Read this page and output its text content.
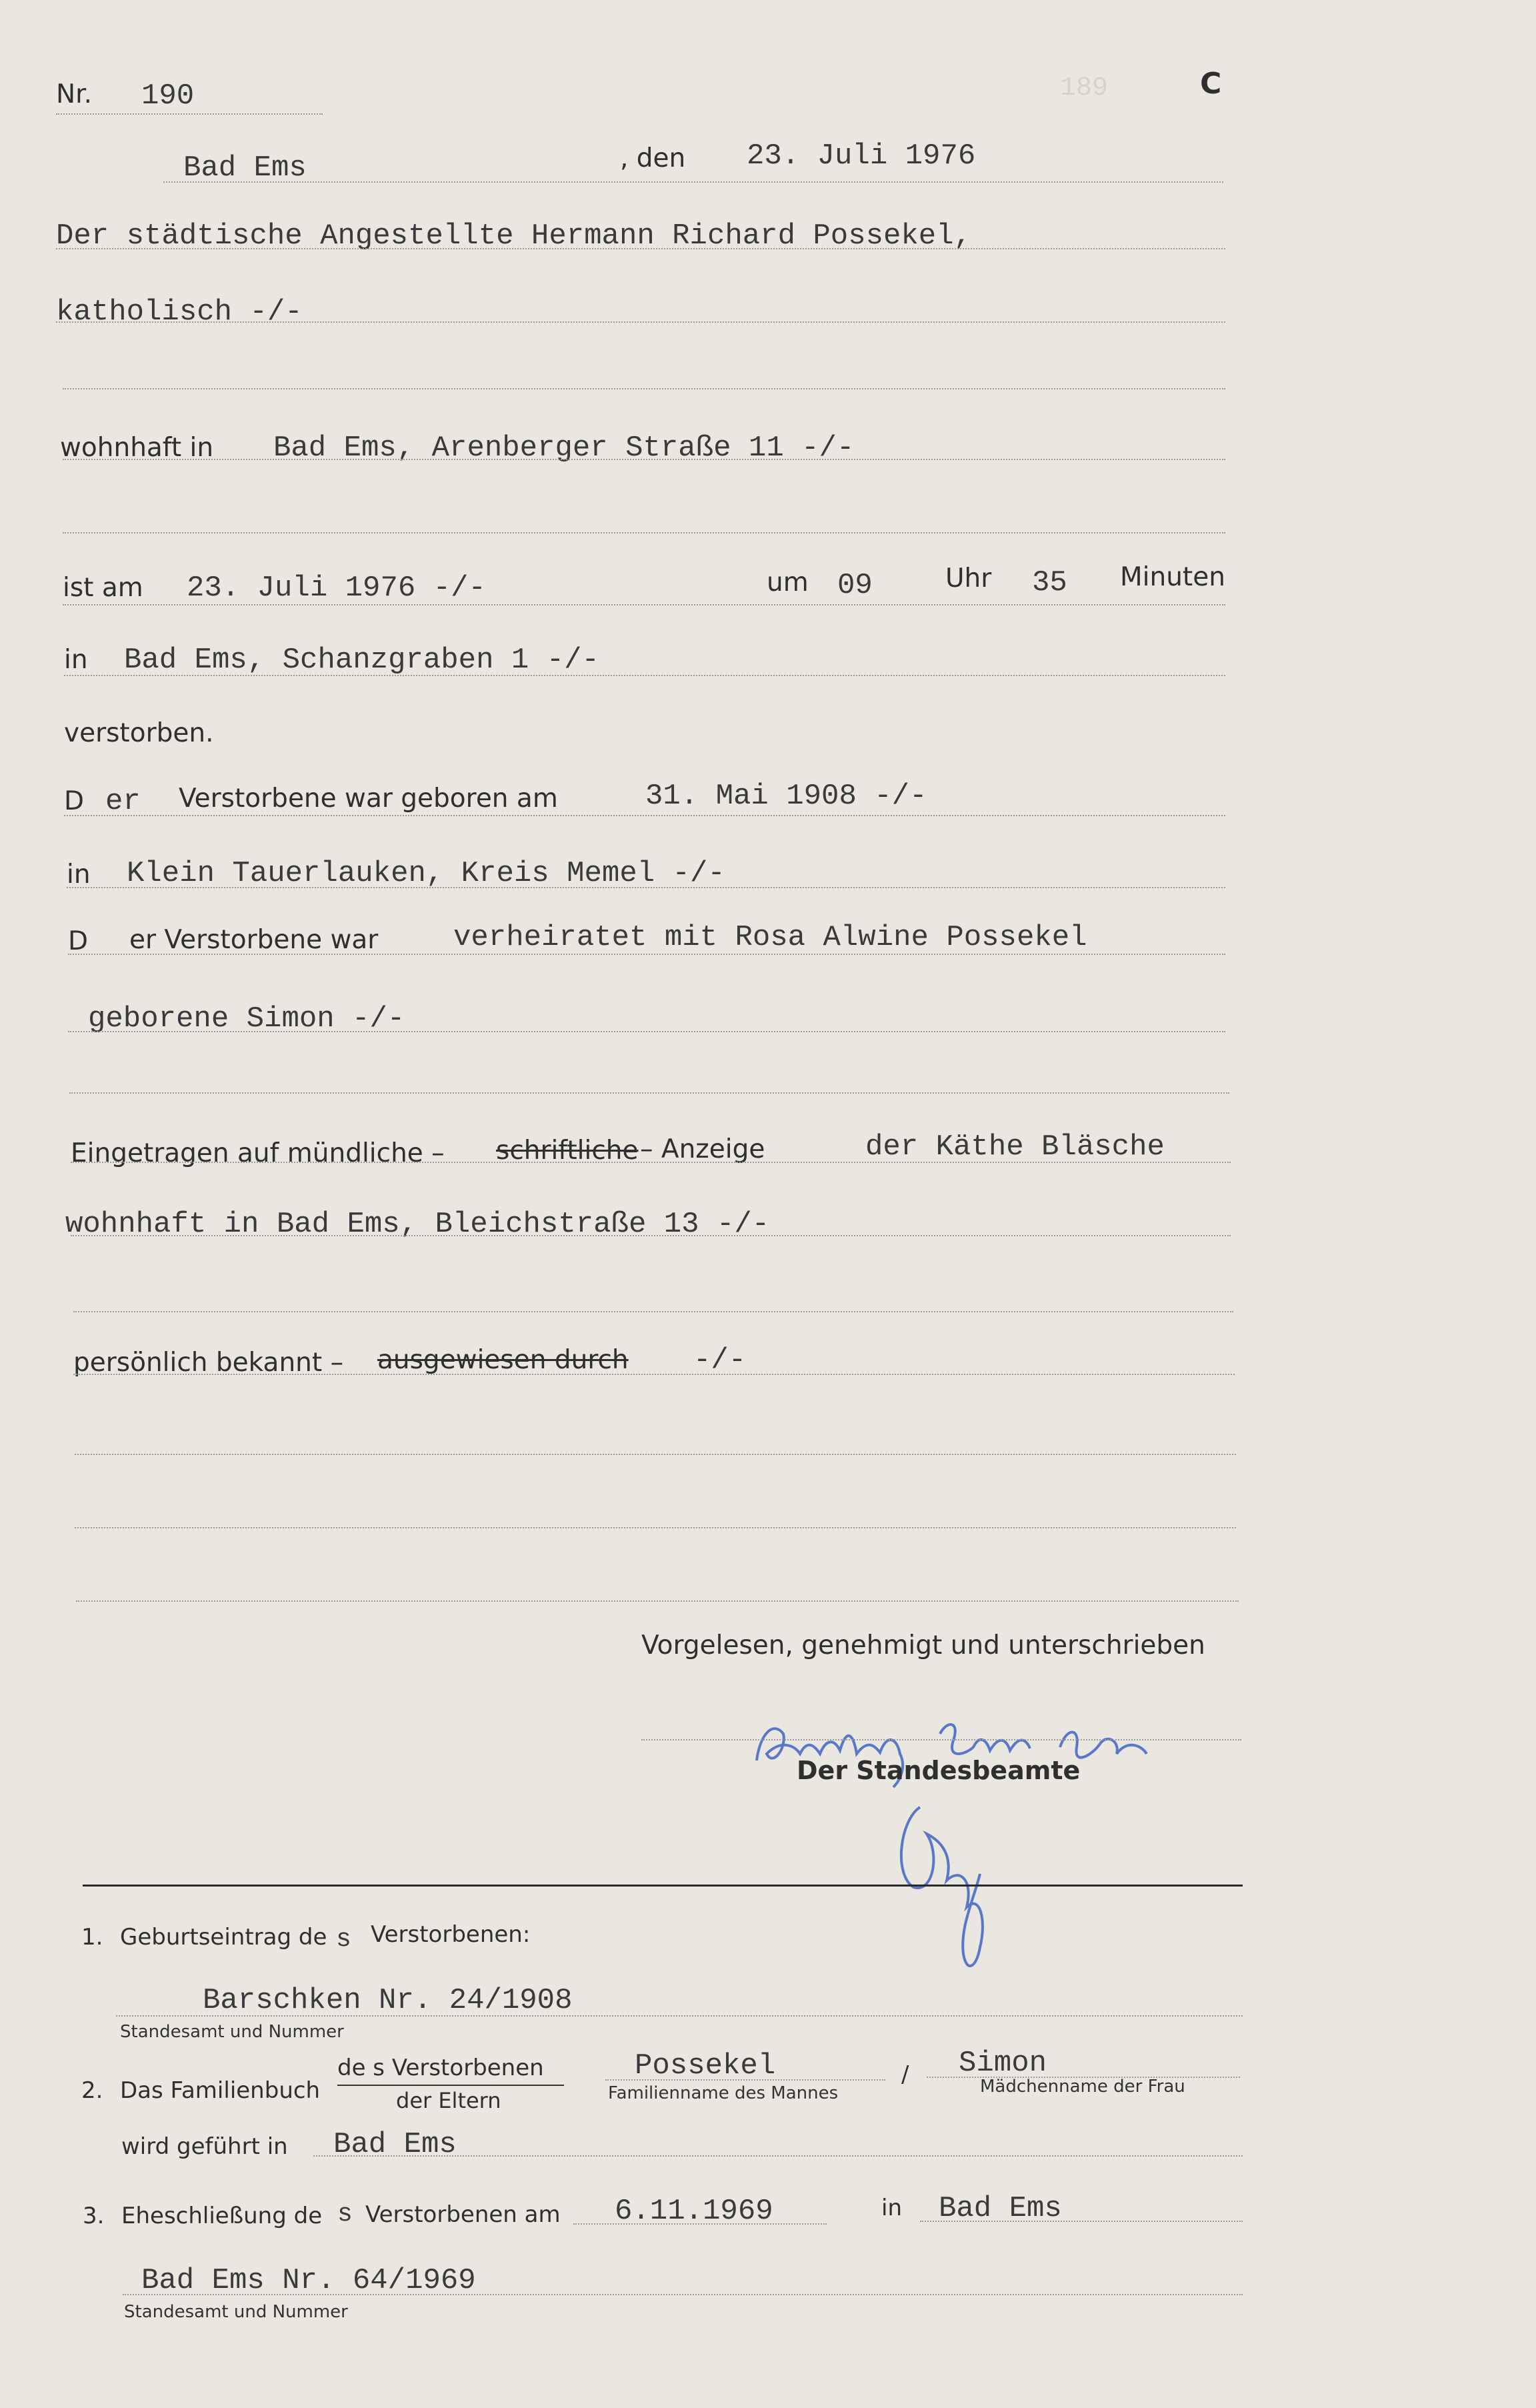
189
Nr. 190	C
Bad Ems	, den 23. Juli 1976
Der städtische Angestellte Hermann Richard Possekel,
katholisch -/-
wohnhaft in Bad Ems, Arenberger Straße 11 -/-
ist am 23. Juli 1976 -/-	um 09	Uhr 35 Minuten
in Bad Ems, Schanzgraben 1 -/-
verstorben.
D er Verstorbene war geboren am	31. Mai 1908 -/-
in Klein Tauerlauken, Kreis Memel -/-
D er Verstorbene war	verheiratet mit Rosa Alwine Possekel
geborene Simon -/-
Eingetragen auf mündliche – schriftliche – Anzeige	der Käthe Bläsche
wohnhaft in Bad Ems, Bleichstraße 13 -/-
persönlich bekannt – ausgewiesen durch -/-
Vorgelesen, genehmigt und unterschrieben
Der Standesbeamte
1. Geburtseintrag de s Verstorbenen:
Barschken Nr. 24/1908
Standesamt und Nummer
2. Das Familienbuch
de s Verstorbenen
der Eltern
Possekel
Familienname des Mannes
/ Simon
Mädchenname der Frau
wird geführt in Bad Ems
3. Eheschließung de s Verstorbenen am 6.11.1969	in Bad Ems
Bad Ems Nr. 64/1969
Standesamt und Nummer
